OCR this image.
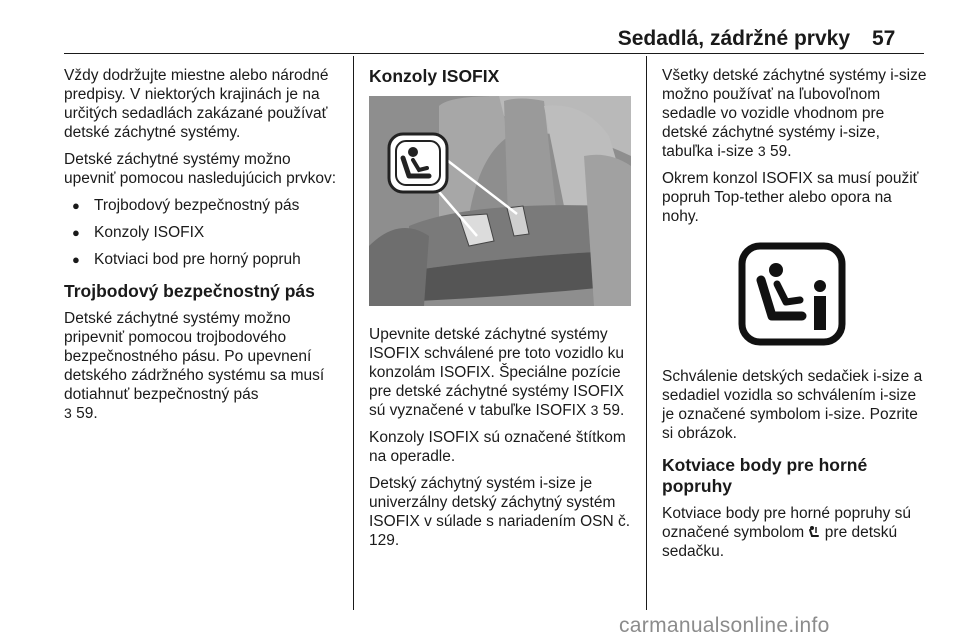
Sedadlá, zádržné prvky 57

Vždy dodržujte miestne alebo národné predpisy. V niektorých krajinách je na určitých sedadlách zakázané používať detské záchytné systémy.

Detské záchytné systémy možno upevniť pomocou nasledujúcich prvkov:

● Trojbodový bezpečnostný pás
● Konzoly ISOFIX
● Kotviaci bod pre horný popruh
Trojbodový bezpečnostný pás

Detské záchytné systémy možno pripevniť pomocou trojbodového bezpečnostného pásu. Po upevnení detského zádržného systému sa musí dotiahnuť bezpečnostný pás
3 59.

Konzoly ISOFIX

Upevnite detské záchytné systémy ISOFIX schválené pre toto vozidlo ku konzolám ISOFIX. Špeciálne pozície pre detské záchytné systémy ISOFIX sú vyznačené v tabuľke ISOFIX 3 59.

Konzoly ISOFIX sú označené štítkom na operadle.

Detský záchytný systém i-size je univerzálny detský záchytný systém ISOFIX v súlade s nariadením OSN č. 129.

Všetky detské záchytné systémy i-size možno používať na ľubovoľnom sedadle vo vozidle vhodnom pre detské záchytné systémy i-size, tabuľka i-size 3 59.

Okrem konzol ISOFIX sa musí použiť popruh Top-tether alebo opora na nohy.

Schválenie detských sedačiek i-size a sedadiel vozidla so schválením i-size je označené symbolom i-size. Pozrite si obrázok.

Kotviace body pre horné popruhy

Kotviace body pre horné popruhy sú označené symbolom pre detskú sedačku.

carmanualsonline.info
